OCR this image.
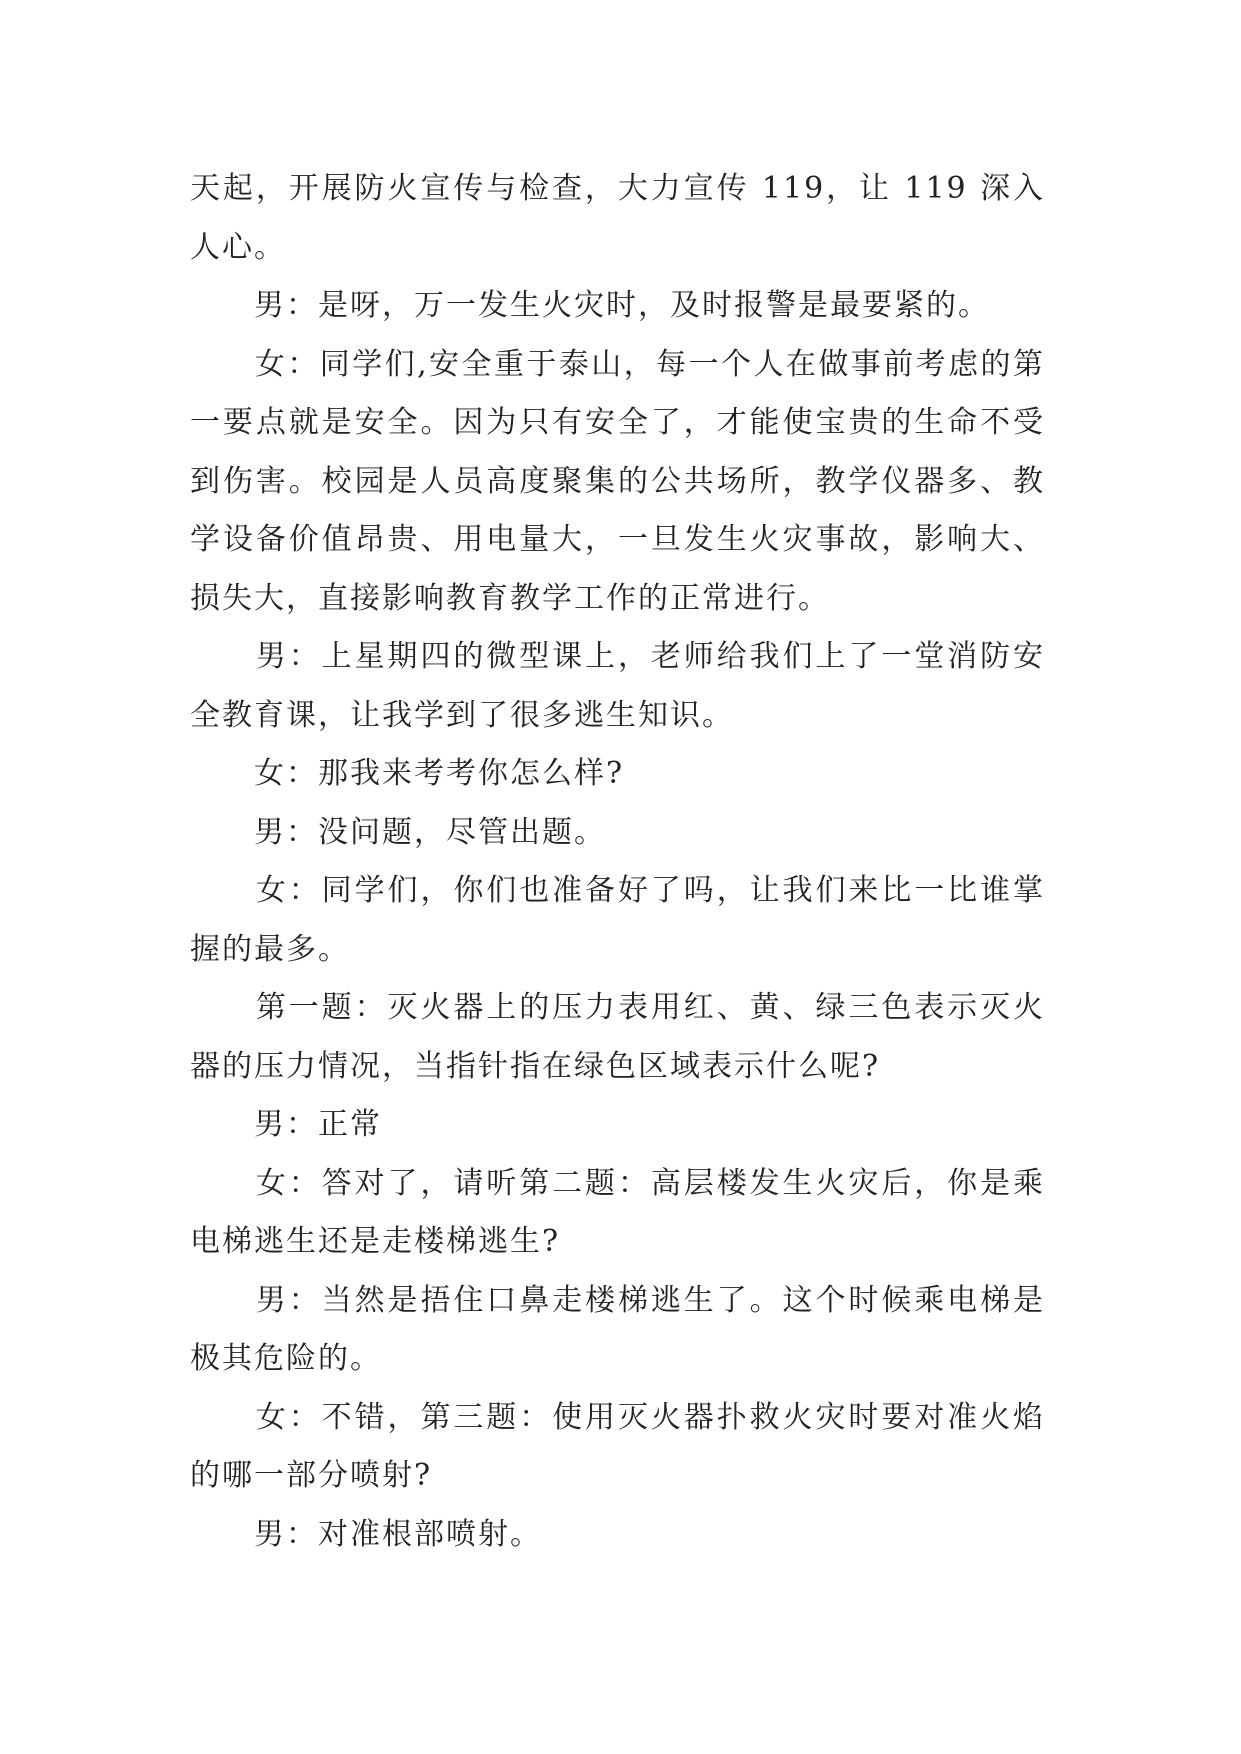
天起，开展防火宣传与检查，大力宣传 119，让 119 深入人心。

　　男：是呀，万一发生火灾时，及时报警是最要紧的。

　　女：同学们,安全重于泰山，每一个人在做事前考虑的第一要点就是安全。因为只有安全了，才能使宝贵的生命不受到伤害。校园是人员高度聚集的公共场所，教学仪器多、教学设备价值昂贵、用电量大，一旦发生火灾事故，影响大、损失大，直接影响教育教学工作的正常进行。

　　男：上星期四的微型课上，老师给我们上了一堂消防安全教育课，让我学到了很多逃生知识。

　　女：那我来考考你怎么样?

　　男：没问题，尽管出题。

　　女：同学们，你们也准备好了吗，让我们来比一比谁掌握的最多。

　　第一题：灭火器上的压力表用红、黄、绿三色表示灭火器的压力情况，当指针指在绿色区域表示什么呢?

　　男：正常

　　女：答对了，请听第二题：高层楼发生火灾后，你是乘电梯逃生还是走楼梯逃生?

　　男：当然是捂住口鼻走楼梯逃生了。这个时候乘电梯是极其危险的。

　　女：不错，第三题：使用灭火器扑救火灾时要对准火焰的哪一部分喷射?

　　男：对准根部喷射。
